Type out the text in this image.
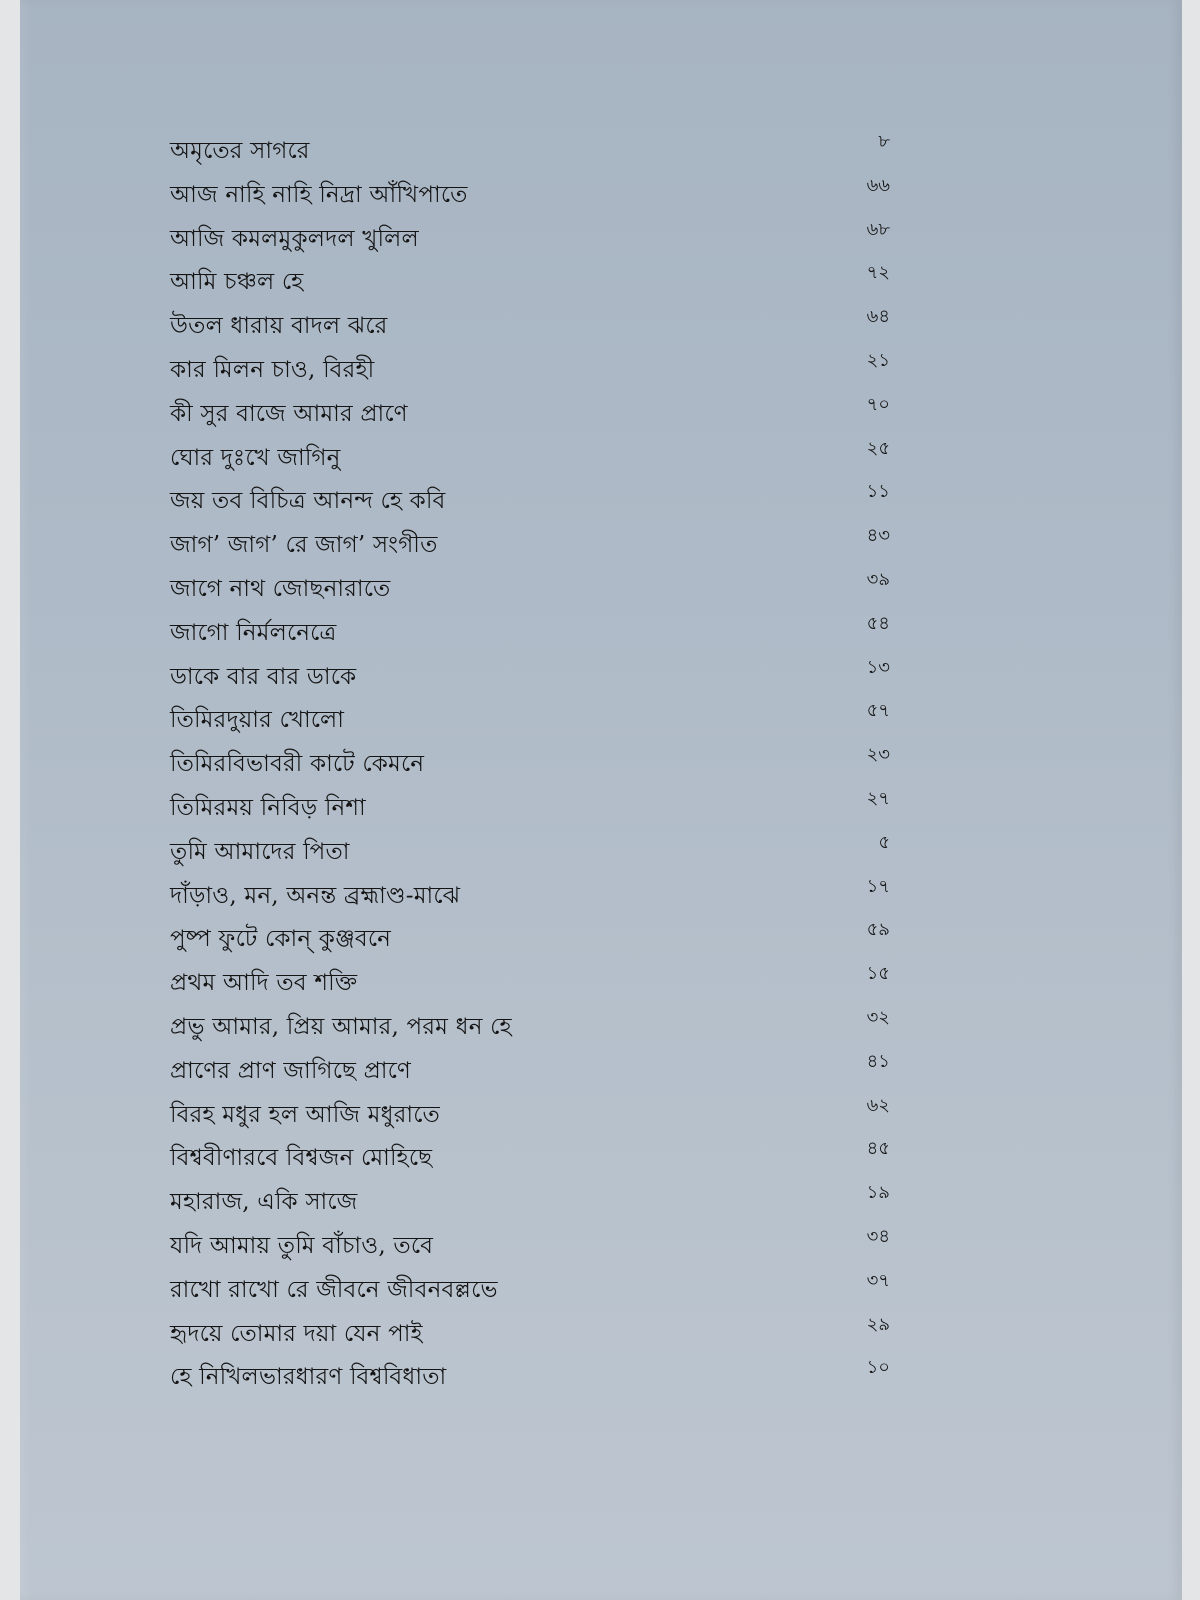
অমৃতের সাগরে	৮
আজ নাহি নাহি নিদ্রা আঁখিপাতে	৬৬
আজি কমলমুকুলদল খুলিল	৬৮
আমি চঞ্চল হে	৭২
উতল ধারায় বাদল ঝরে	৬৪
কার মিলন চাও, বিরহী	২১
কী সুর বাজে আমার প্রাণে	৭০
ঘোর দুঃখে জাগিনু	২৫
জয় তব বিচিত্র আনন্দ হে কবি	১১
জাগ’ জাগ’ রে জাগ’ সংগীত	৪৩
জাগে নাথ জোছনারাতে	৩৯
জাগো নির্মলনেত্রে	৫৪
ডাকে বার বার ডাকে	১৩
তিমিরদুয়ার খোলো	৫৭
তিমিরবিভাবরী কাটে কেমনে	২৩
তিমিরময় নিবিড় নিশা	২৭
তুমি আমাদের পিতা	৫
দাঁড়াও, মন, অনন্ত ব্রহ্মাণ্ড-মাঝে	১৭
পুষ্প ফুটে কোন্ কুঞ্জবনে	৫৯
প্রথম আদি তব শক্তি	১৫
প্রভু আমার, প্রিয় আমার, পরম ধন হে	৩২
প্রাণের প্রাণ জাগিছে প্রাণে	৪১
বিরহ মধুর হল আজি মধুরাতে	৬২
বিশ্ববীণারবে বিশ্বজন মোহিছে	৪৫
মহারাজ, একি সাজে	১৯
যদি আমায় তুমি বাঁচাও, তবে	৩৪
রাখো রাখো রে জীবনে জীবনবল্লভে	৩৭
হৃদয়ে তোমার দয়া যেন পাই	২৯
হে নিখিলভারধারণ বিশ্ববিধাতা	১০
